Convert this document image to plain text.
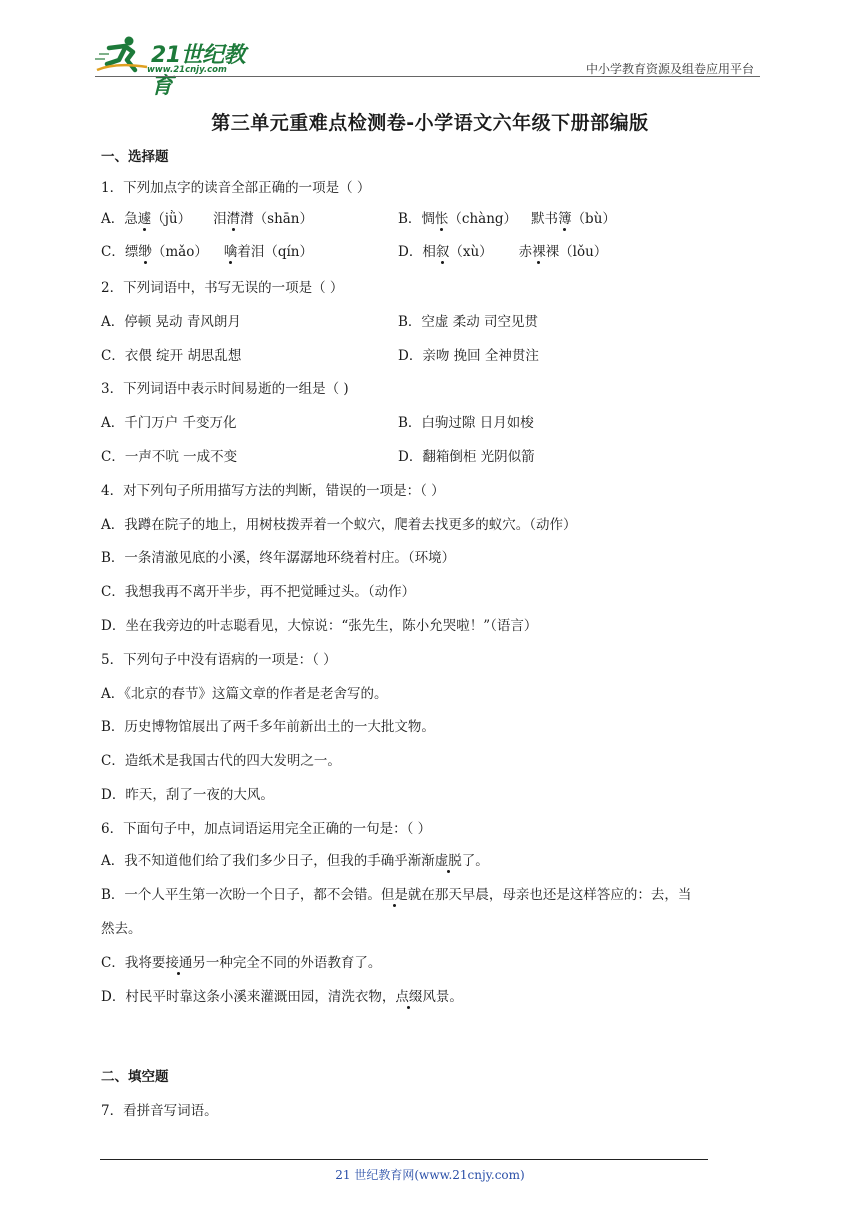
21世纪教育
www.21cnjy.com	中小学教育资源及组卷应用平台
第三单元重难点检测卷-小学语文六年级下册部编版
一、选择题
1．下列加点字的读音全部正确的一项是（ ）
A．急遽（jǜ） 泪潸潸（shān）	B．惆怅（chàng） 默书簿（bù）
C．缥缈（mǎo） 噙着泪（qín）	D．相叙（xù） 赤裸裸（lǒu）
2．下列词语中，书写无误的一项是（ ）
A．停顿 晃动 青风朗月	B．空虚 柔动 司空见贯
C．衣偎 绽开 胡思乱想	D．亲吻 挽回 全神贯注
3．下列词语中表示时间易逝的一组是（ )
A．千门万户 千变万化	B．白驹过隙 日月如梭
C．一声不吭 一成不变	D．翻箱倒柜 光阴似箭
4．对下列句子所用描写方法的判断，错误的一项是：（ ）
A．我蹲在院子的地上，用树枝拨弄着一个蚁穴，爬着去找更多的蚁穴。（动作）
B．一条清澈见底的小溪，终年潺潺地环绕着村庄。（环境）
C．我想我再不离开半步，再不把觉睡过头。（动作）
D．坐在我旁边的叶志聪看见，大惊说：“张先生，陈小允哭啦！”（语言）
5．下列句子中没有语病的一项是：（ ）
A．《北京的春节》这篇文章的作者是老舍写的。
B．历史博物馆展出了两千多年前新出土的一大批文物。
C．造纸术是我国古代的四大发明之一。
D．昨天，刮了一夜的大风。
6．下面句子中，加点词语运用完全正确的一句是：（ ）
A．我不知道他们给了我们多少日子，但我的手确乎渐渐虚脱了。
B．一个人平生第一次盼一个日子，都不会错。但是就在那天早晨，母亲也还是这样答应的：去，当
然去。
C．我将要接通另一种完全不同的外语教育了。
D．村民平时靠这条小溪来灌溉田园，清洗衣物，点缀风景。
二、填空题
7．看拼音写词语。
21 世纪教育网(www.21cnjy.com)
